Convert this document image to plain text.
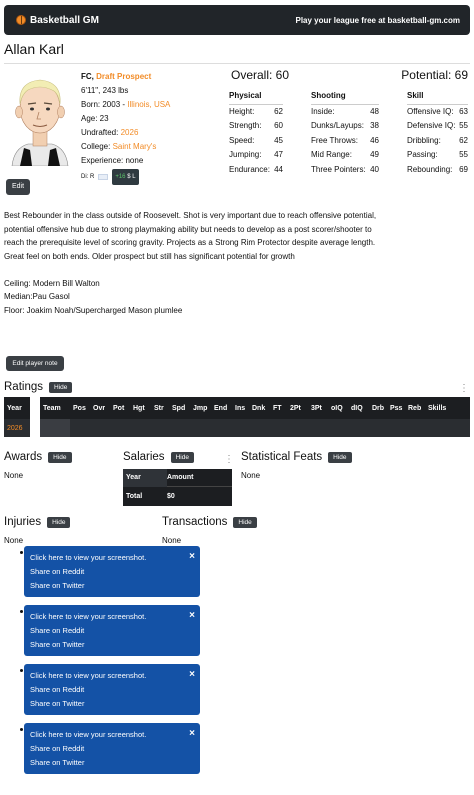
Basketball GM	Play your league free at basketball-gm.com
Allan Karl
FC, Draft Prospect
6'11", 243 lbs
Born: 2003 - Illinois, USA
Age: 23
Undrafted: 2026
College: Saint Mary's
Experience: none
Di: R	+16 $ L
Overall: 60	Potential: 69
Physical
Height: 62
Strength: 60
Speed: 45
Jumping: 47
Endurance: 44
Shooting
Inside:	48
Dunks/Layups: 38
Free Throws: 46
Mid Range: 49
Three Pointers: 40
Skill
Offensive IQ: 63
Defensive IQ: 55
Dribbling: 62
Passing:	55
Rebounding: 69
Edit

Best Rebounder in the class outside of Roosevelt. Shot is very important due to reach offensive potential, potential offensive hub due to strong playmaking ability but needs to develop as a post scorer/shooter to reach the prerequisite level of scoring gravity. Projects as a Strong Rim Protector despite average length. Great feel on both ends. Older prospect but still has significant potential for growth

Ceiling: Modern Bill Walton
Median:Pau Gasol
Floor: Joakim Noah/Supercharged Mason plumlee
Edit player note
Ratings	Hide	⋮
Year	Team	Pos	Ovr	Pot	Hgt	Str	Spd	Jmp End	Ins Dnk	FT	2Pt	3Pt	oIQ	dIQ	Drb Pss Reb Skills
2026
Awards	Hide
None
Salaries	Hide	⋮
Year	Amount
Total	$0
Statistical Feats	Hide
None
Injuries	Hide
None
Transactions	Hide
None
Click here to view your screenshot.	×
Share on Reddit
Share on Twitter
Click here to view your screenshot.	×
Share on Reddit
Share on Twitter
Click here to view your screenshot.	×
Share on Reddit
Share on Twitter
Click here to view your screenshot.	×
Share on Reddit
Share on Twitter
